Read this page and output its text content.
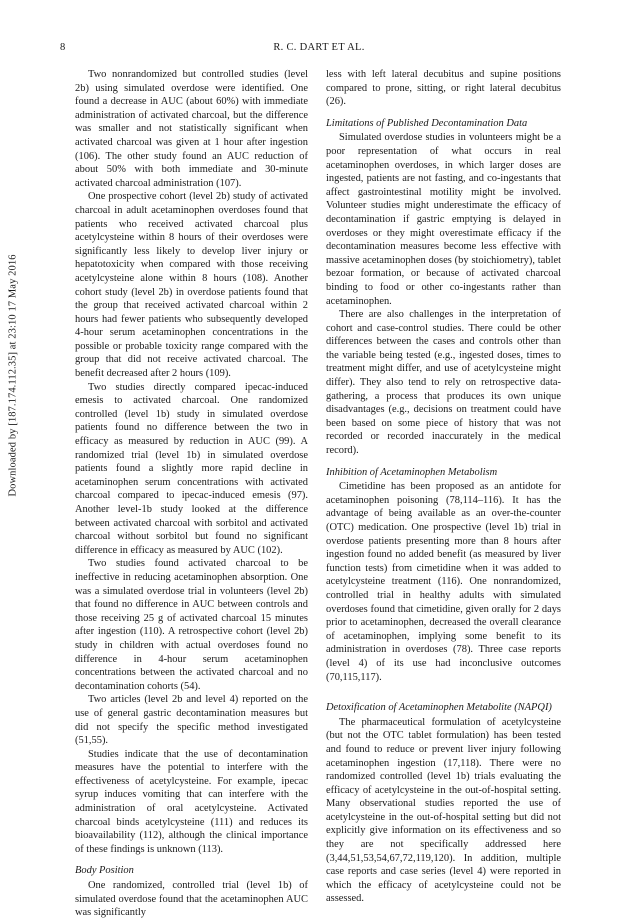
8	R. C. DART ET AL.
Downloaded by [187.174.112.35] at 23:10 17 May 2016

Two nonrandomized but controlled studies (level 2b) using simulated overdose were identified. One found a decrease in AUC (about 60%) with immediate administration of activated charcoal, but the difference was smaller and not statistically significant when activated charcoal was given at 1 hour after ingestion (106). The other study found an AUC reduction of about 50% with both immediate and 30-minute activated charcoal administration (107).

One prospective cohort (level 2b) study of activated charcoal in adult acetaminophen overdoses found that patients who received activated charcoal plus acetylcysteine within 8 hours of their overdoses were significantly less likely to develop liver injury or hepatotoxicity when compared with those receiving acetylcysteine alone within 8 hours (108). Another cohort study (level 2b) in overdose patients found that the group that received activated charcoal within 2 hours had fewer patients who subsequently developed 4-hour serum acetaminophen concentrations in the possible or probable toxicity range compared with the group that did not receive activated charcoal. The benefit decreased after 2 hours (109).

Two studies directly compared ipecac-induced emesis to activated charcoal. One randomized controlled (level 1b) study in simulated overdose patients found no difference between the two in efficacy as measured by reduction in AUC (99). A randomized trial (level 1b) in simulated overdose patients found a slightly more rapid decline in acetaminophen serum concentrations with activated charcoal compared to ipecac-induced emesis (97). Another level-1b study looked at the difference between activated charcoal with sorbitol and activated charcoal without sorbitol but found no significant difference in efficacy as measured by AUC (102).

Two studies found activated charcoal to be ineffective in reducing acetaminophen absorption. One was a simulated overdose trial in volunteers (level 2b) that found no difference in AUC between controls and those receiving 25 g of activated charcoal 15 minutes after ingestion (110). A retrospective cohort (level 2b) study in children with actual overdoses found no difference in 4-hour serum acetaminophen concentrations between the activated charcoal and no decontamination cohorts (54).

Two articles (level 2b and level 4) reported on the use of general gastric decontamination measures but did not specify the specific method investigated (51,55).

Studies indicate that the use of decontamination measures have the potential to interfere with the effectiveness of acetylcysteine. For example, ipecac syrup induces vomiting that can interfere with the administration of oral acetylcysteine. Activated charcoal binds acetylcysteine (111) and reduces its bioavailability (112), although the clinical importance of these findings is unknown (113).

Body Position

One randomized, controlled trial (level 1b) of simulated overdose found that the acetaminophen AUC was significantly

less with left lateral decubitus and supine positions compared to prone, sitting, or right lateral decubitus (26).

Limitations of Published Decontamination Data

Simulated overdose studies in volunteers might be a poor representation of what occurs in real acetaminophen overdoses, in which larger doses are ingested, patients are not fasting, and co-ingestants that affect gastrointestinal motility might be involved. Volunteer studies might underestimate the efficacy of decontamination if gastric emptying is delayed in overdoses or they might overestimate efficacy if the decontamination measures become less effective with massive acetaminophen doses (by stoichiometry), tablet bezoar formation, or because of activated charcoal binding to food or other co-ingestants rather than acetaminophen.

There are also challenges in the interpretation of cohort and case-control studies. There could be other differences between the cases and controls other than the variable being tested (e.g., ingested doses, times to treatment might differ, and use of acetylcysteine might differ). They also tend to rely on retrospective data-gathering, a process that produces its own unique disadvantages (e.g., decisions on treatment could have been based on some piece of history that was not recorded or recorded inaccurately in the medical record).

Inhibition of Acetaminophen Metabolism

Cimetidine has been proposed as an antidote for acetaminophen poisoning (78,114–116). It has the advantage of being available as an over-the-counter (OTC) medication. One prospective (level 1b) trial in overdose patients presenting more than 8 hours after ingestion found no added benefit (as measured by liver function tests) from cimetidine when it was added to acetylcysteine treatment (116). One nonrandomized, controlled trial in healthy adults with simulated overdoses found that cimetidine, given orally for 2 days prior to acetaminophen, decreased the overall clearance of acetaminophen, implying some benefit to its administration in overdoses (78). Three case reports (level 4) of its use had inconclusive outcomes (70,115,117).

Detoxification of Acetaminophen Metabolite (NAPQI)

The pharmaceutical formulation of acetylcysteine (but not the OTC tablet formulation) has been tested and found to reduce or prevent liver injury following acetaminophen ingestion (17,118). There were no randomized controlled (level 1b) trials evaluating the efficacy of acetylcysteine in the out-of-hospital setting. Many observational studies reported the use of acetylcysteine in the out-of-hospital setting but did not explicitly give information on its effectiveness and so they are not specifically addressed here (3,44,51,53,54,67,72,119,120). In addition, multiple case reports and case series (level 4) were reported in which the efficacy of acetylcysteine could not be assessed.
